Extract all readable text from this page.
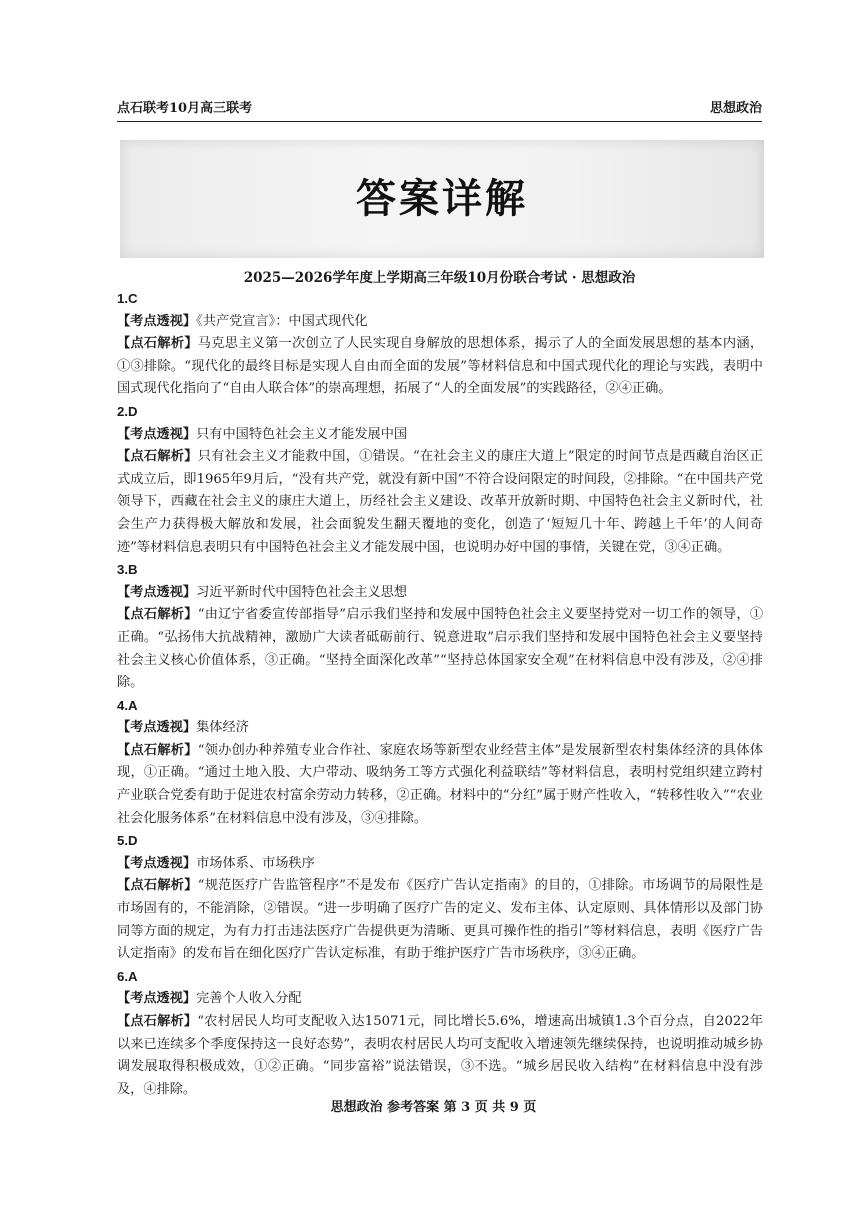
点石联考10月高三联考	思想政治
答案详解
2025—2026学年度上学期高三年级10月份联合考试 · 思想政治

1.C

【考点透视】《共产党宣言》：中国式现代化

【点石解析】马克思主义第一次创立了人民实现自身解放的思想体系，揭示了人的全面发展思想的基本内涵，①③排除。“现代化的最终目标是实现人自由而全面的发展”等材料信息和中国式现代化的理论与实践，表明中国式现代化指向了“自由人联合体”的崇高理想，拓展了“人的全面发展”的实践路径，②④正确。

2.D

【考点透视】只有中国特色社会主义才能发展中国

【点石解析】只有社会主义才能救中国，①错误。“在社会主义的康庄大道上”限定的时间节点是西藏自治区正式成立后，即1965年9月后，“没有共产党，就没有新中国”不符合设问限定的时间段，②排除。“在中国共产党领导下，西藏在社会主义的康庄大道上，历经社会主义建设、改革开放新时期、中国特色社会主义新时代，社会生产力获得极大解放和发展，社会面貌发生翻天覆地的变化，创造了‘短短几十年、跨越上千年’的人间奇迹”等材料信息表明只有中国特色社会主义才能发展中国，也说明办好中国的事情，关键在党，③④正确。

3.B

【考点透视】习近平新时代中国特色社会主义思想

【点石解析】“由辽宁省委宣传部指导”启示我们坚持和发展中国特色社会主义要坚持党对一切工作的领导，①正确。“弘扬伟大抗战精神，激励广大读者砥砺前行、锐意进取”启示我们坚持和发展中国特色社会主义要坚持社会主义核心价值体系，③正确。“坚持全面深化改革”“坚持总体国家安全观”在材料信息中没有涉及，②④排除。

4.A

【考点透视】集体经济

【点石解析】“领办创办种养殖专业合作社、家庭农场等新型农业经营主体”是发展新型农村集体经济的具体体现，①正确。“通过土地入股、大户带动、吸纳务工等方式强化利益联结”等材料信息，表明村党组织建立跨村产业联合党委有助于促进农村富余劳动力转移，②正确。材料中的“分红”属于财产性收入，“转移性收入”“农业社会化服务体系”在材料信息中没有涉及，③④排除。

5.D

【考点透视】市场体系、市场秩序

【点石解析】“规范医疗广告监管程序”不是发布《医疗广告认定指南》的目的，①排除。市场调节的局限性是市场固有的，不能消除，②错误。“进一步明确了医疗广告的定义、发布主体、认定原则、具体情形以及部门协同等方面的规定，为有力打击违法医疗广告提供更为清晰、更具可操作性的指引”等材料信息，表明《医疗广告认定指南》的发布旨在细化医疗广告认定标准，有助于维护医疗广告市场秩序，③④正确。

6.A

【考点透视】完善个人收入分配

【点石解析】“农村居民人均可支配收入达15071元，同比增长5.6%，增速高出城镇1.3个百分点，自2022年以来已连续多个季度保持这一良好态势”，表明农村居民人均可支配收入增速领先继续保持，也说明推动城乡协调发展取得积极成效，①②正确。“同步富裕”说法错误，③不选。“城乡居民收入结构”在材料信息中没有涉及，④排除。

思想政治 参考答案 第 3 页 共 9 页
